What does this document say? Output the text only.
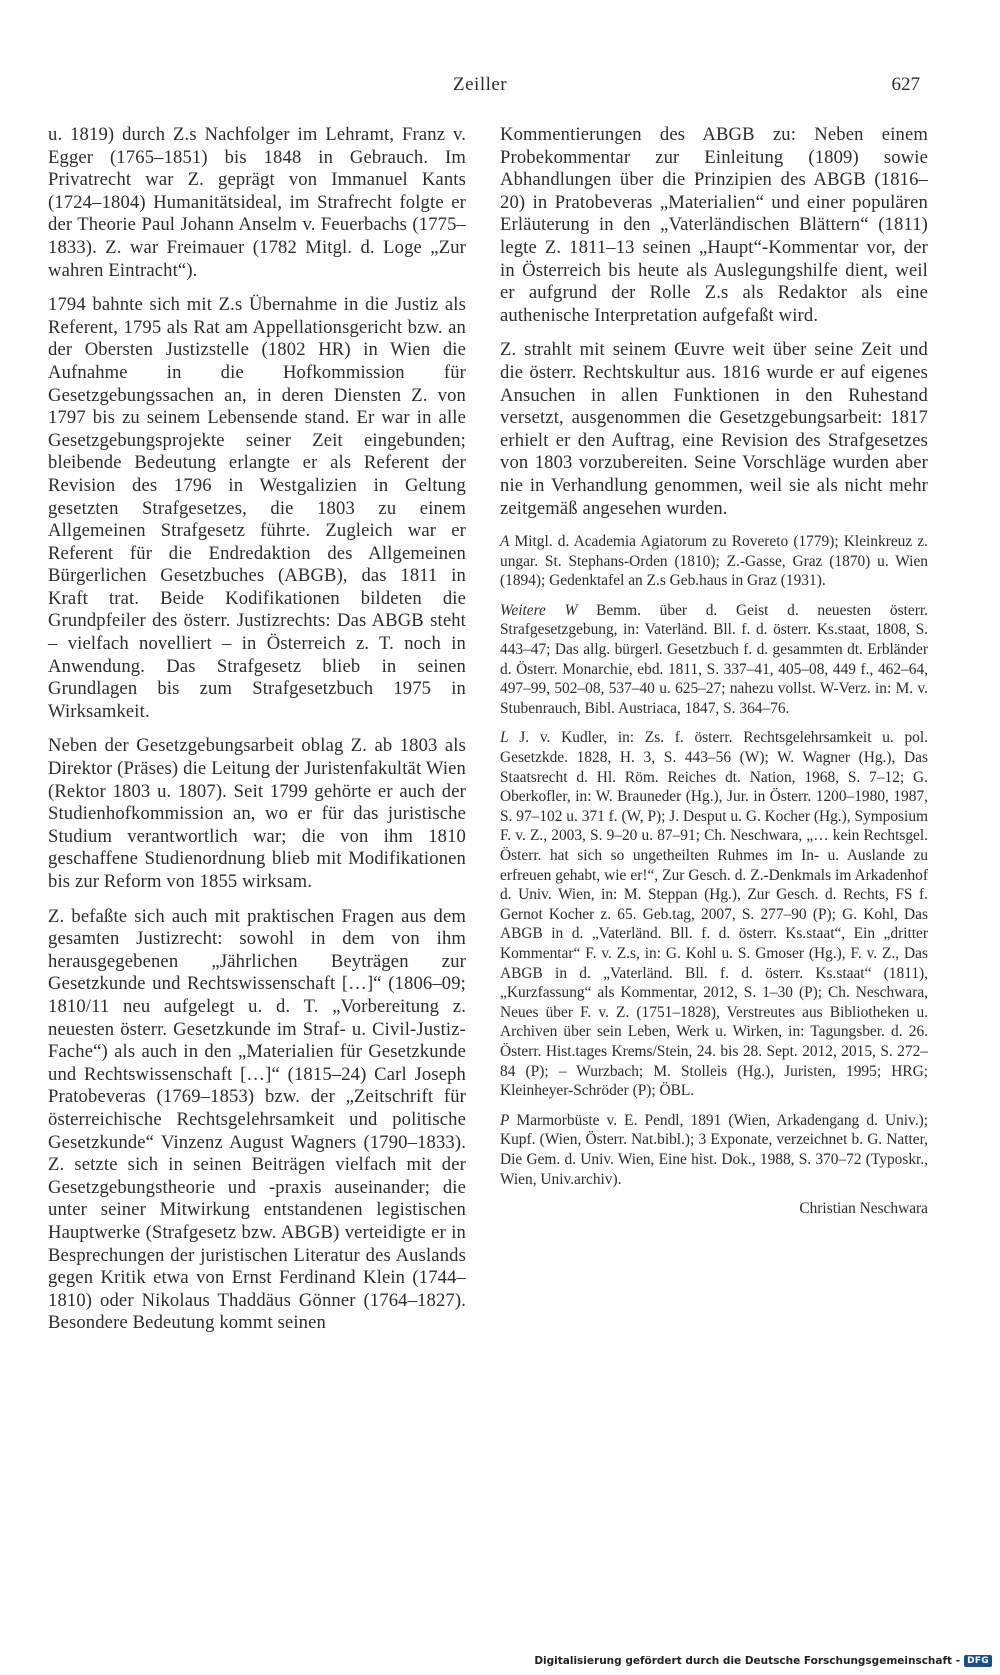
Zeiller	627

u. 1819) durch Z.s Nachfolger im Lehramt, Franz v. Egger (1765–1851) bis 1848 in Gebrauch. Im Privatrecht war Z. geprägt von Immanuel Kants (1724–1804) Humanitätsideal, im Strafrecht folgte er der Theorie Paul Johann Anselm v. Feuerbachs (1775–1833). Z. war Freimauer (1782 Mitgl. d. Loge „Zur wahren Eintracht“).

1794 bahnte sich mit Z.s Übernahme in die Justiz als Referent, 1795 als Rat am Appellationsgericht bzw. an der Obersten Justizstelle (1802 HR) in Wien die Aufnahme in die Hofkommission für Gesetzgebungssachen an, in deren Diensten Z. von 1797 bis zu seinem Lebensende stand. Er war in alle Gesetzgebungsprojekte seiner Zeit eingebunden; bleibende Bedeutung erlangte er als Referent der Revision des 1796 in Westgalizien in Geltung gesetzten Strafgesetzes, die 1803 zu einem Allgemeinen Strafgesetz führte. Zugleich war er Referent für die Endredaktion des Allgemeinen Bürgerlichen Gesetzbuches (ABGB), das 1811 in Kraft trat. Beide Kodifikationen bildeten die Grundpfeiler des österr. Justizrechts: Das ABGB steht – vielfach novelliert – in Österreich z. T. noch in Anwendung. Das Strafgesetz blieb in seinen Grundlagen bis zum Strafgesetzbuch 1975 in Wirksamkeit.

Neben der Gesetzgebungsarbeit oblag Z. ab 1803 als Direktor (Präses) die Leitung der Juristenfakultät Wien (Rektor 1803 u. 1807). Seit 1799 gehörte er auch der Studienhofkommission an, wo er für das juristische Studium verantwortlich war; die von ihm 1810 geschaffene Studienordnung blieb mit Modifikationen bis zur Reform von 1855 wirksam.

Z. befaßte sich auch mit praktischen Fragen aus dem gesamten Justizrecht: sowohl in dem von ihm herausgegebenen „Jährlichen Beyträgen zur Gesetzkunde und Rechtswissenschaft […]“ (1806–09; 1810/11 neu aufgelegt u. d. T. „Vorbereitung z. neuesten österr. Gesetzkunde im Straf- u. Civil-Justiz-Fache“) als auch in den „Materialien für Gesetzkunde und Rechtswissenschaft […]“ (1815–24) Carl Joseph Pratobeveras (1769–1853) bzw. der „Zeitschrift für österreichische Rechtsgelehrsamkeit und politische Gesetzkunde“ Vinzenz August Wagners (1790–1833). Z. setzte sich in seinen Beiträgen vielfach mit der Gesetzgebungstheorie und -praxis auseinander; die unter seiner Mitwirkung entstandenen legistischen Hauptwerke (Strafgesetz bzw. ABGB) verteidigte er in Besprechungen der juristischen Literatur des Auslands gegen Kritik etwa von Ernst Ferdinand Klein (1744–1810) oder Nikolaus Thaddäus Gönner (1764–1827). Besondere Bedeutung kommt seinen

Kommentierungen des ABGB zu: Neben einem Probekommentar zur Einleitung (1809) sowie Abhandlungen über die Prinzipien des ABGB (1816–20) in Pratobeveras „Materialien“ und einer populären Erläuterung in den „Vaterländischen Blättern“ (1811) legte Z. 1811–13 seinen „Haupt“-Kommentar vor, der in Österreich bis heute als Auslegungshilfe dient, weil er aufgrund der Rolle Z.s als Redaktor als eine authenische Interpretation aufgefaßt wird.

Z. strahlt mit seinem Œuvre weit über seine Zeit und die österr. Rechtskultur aus. 1816 wurde er auf eigenes Ansuchen in allen Funktionen in den Ruhestand versetzt, ausgenommen die Gesetzgebungsarbeit: 1817 erhielt er den Auftrag, eine Revision des Strafgesetzes von 1803 vorzubereiten. Seine Vorschläge wurden aber nie in Verhandlung genommen, weil sie als nicht mehr zeitgemäß angesehen wurden.

A Mitgl. d. Academia Agiatorum zu Rovereto (1779); Kleinkreuz z. ungar. St. Stephans-Orden (1810); Z.-Gasse, Graz (1870) u. Wien (1894); Gedenktafel an Z.s Geb.haus in Graz (1931).

Weitere W Bemm. über d. Geist d. neuesten österr. Strafgesetzgebung, in: Vaterländ. Bll. f. d. österr. Ks.staat, 1808, S. 443–47; Das allg. bürgerl. Gesetzbuch f. d. gesammten dt. Erbländer d. Österr. Monarchie, ebd. 1811, S. 337–41, 405–08, 449 f., 462–64, 497–99, 502–08, 537–40 u. 625–27; nahezu vollst. W-Verz. in: M. v. Stubenrauch, Bibl. Austriaca, 1847, S. 364–76.

L J. v. Kudler, in: Zs. f. österr. Rechtsgelehrsamkeit u. pol. Gesetzkde. 1828, H. 3, S. 443–56 (W); W. Wagner (Hg.), Das Staatsrecht d. Hl. Röm. Reiches dt. Nation, 1968, S. 7–12; G. Oberkofler, in: W. Brauneder (Hg.), Jur. in Österr. 1200–1980, 1987, S. 97–102 u. 371 f. (W, P); J. Desput u. G. Kocher (Hg.), Symposium F. v. Z., 2003, S. 9–20 u. 87–91; Ch. Neschwara, „… kein Rechtsgel. Österr. hat sich so ungetheilten Ruhmes im In- u. Auslande zu erfreuen gehabt, wie er!“, Zur Gesch. d. Z.-Denkmals im Arkadenhof d. Univ. Wien, in: M. Steppan (Hg.), Zur Gesch. d. Rechts, FS f. Gernot Kocher z. 65. Geb.tag, 2007, S. 277–90 (P); G. Kohl, Das ABGB in d. „Vaterländ. Bll. f. d. österr. Ks.staat“, Ein „dritter Kommentar“ F. v. Z.s, in: G. Kohl u. S. Gmoser (Hg.), F. v. Z., Das ABGB in d. „Vaterländ. Bll. f. d. österr. Ks.staat“ (1811), „Kurzfassung“ als Kommentar, 2012, S. 1–30 (P); Ch. Neschwara, Neues über F. v. Z. (1751–1828), Verstreutes aus Bibliotheken u. Archiven über sein Leben, Werk u. Wirken, in: Tagungsber. d. 26. Österr. Hist.tages Krems/Stein, 24. bis 28. Sept. 2012, 2015, S. 272–84 (P); – Wurzbach; M. Stolleis (Hg.), Juristen, 1995; HRG; Kleinheyer-Schröder (P); ÖBL.

P Marmorbüste v. E. Pendl, 1891 (Wien, Arkadengang d. Univ.); Kupf. (Wien, Österr. Nat.bibl.); 3 Exponate, verzeichnet b. G. Natter, Die Gem. d. Univ. Wien, Eine hist. Dok., 1988, S. 370–72 (Typoskr., Wien, Univ.archiv).

Christian Neschwara
Digitalisierung gefördert durch die Deutsche Forschungsgemeinschaft - DFG
